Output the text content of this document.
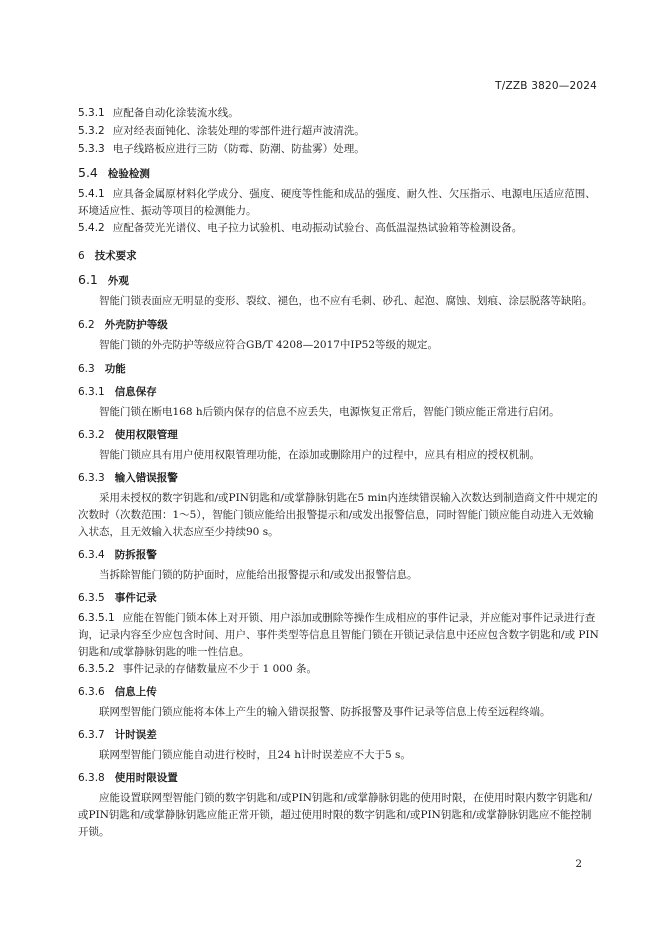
T/ZZB 3820—2024
5.3.1 应配备自动化涂装流水线。
5.3.2 应对经表面钝化、涂装处理的零部件进行超声波清洗。
5.3.3 电子线路板应进行三防（防霉、防潮、防盐雾）处理。
5.4 检验检测
5.4.1 应具备金属原材料化学成分、强度、硬度等性能和成品的强度、耐久性、欠压指示、电源电压适应范围、环境适应性、振动等项目的检测能力。
5.4.2 应配备荧光光谱仪、电子拉力试验机、电动振动试验台、高低温湿热试验箱等检测设备。
6 技术要求
6.1 外观
智能门锁表面应无明显的变形、裂纹、褪色，也不应有毛刺、砂孔、起泡、腐蚀、划痕、涂层脱落等缺陷。
6.2 外壳防护等级
智能门锁的外壳防护等级应符合GB/T 4208—2017中IP52等级的规定。
6.3 功能
6.3.1 信息保存
智能门锁在断电168 h后锁内保存的信息不应丢失，电源恢复正常后，智能门锁应能正常进行启闭。
6.3.2 使用权限管理
智能门锁应具有用户使用权限管理功能，在添加或删除用户的过程中，应具有相应的授权机制。
6.3.3 输入错误报警
采用未授权的数字钥匙和/或PIN钥匙和/或掌静脉钥匙在5 min内连续错误输入次数达到制造商文件中规定的次数时（次数范围：1～5），智能门锁应能给出报警提示和/或发出报警信息，同时智能门锁应能自动进入无效输入状态，且无效输入状态应至少持续90 s。
6.3.4 防拆报警
当拆除智能门锁的防护面时，应能给出报警提示和/或发出报警信息。
6.3.5 事件记录
6.3.5.1 应能在智能门锁本体上对开锁、用户添加或删除等操作生成相应的事件记录，并应能对事件记录进行查询，记录内容至少应包含时间、用户、事件类型等信息且智能门锁在开锁记录信息中还应包含数字钥匙和/或 PIN 钥匙和/或掌静脉钥匙的唯一性信息。
6.3.5.2 事件记录的存储数量应不少于 1 000 条。
6.3.6 信息上传
联网型智能门锁应能将本体上产生的输入错误报警、防拆报警及事件记录等信息上传至远程终端。
6.3.7 计时误差
联网型智能门锁应能自动进行校时，且24 h计时误差应不大于5 s。
6.3.8 使用时限设置
应能设置联网型智能门锁的数字钥匙和/或PIN钥匙和/或掌静脉钥匙的使用时限，在使用时限内数字钥匙和/或PIN钥匙和/或掌静脉钥匙应能正常开锁，超过使用时限的数字钥匙和/或PIN钥匙和/或掌静脉钥匙应不能控制开锁。
2
